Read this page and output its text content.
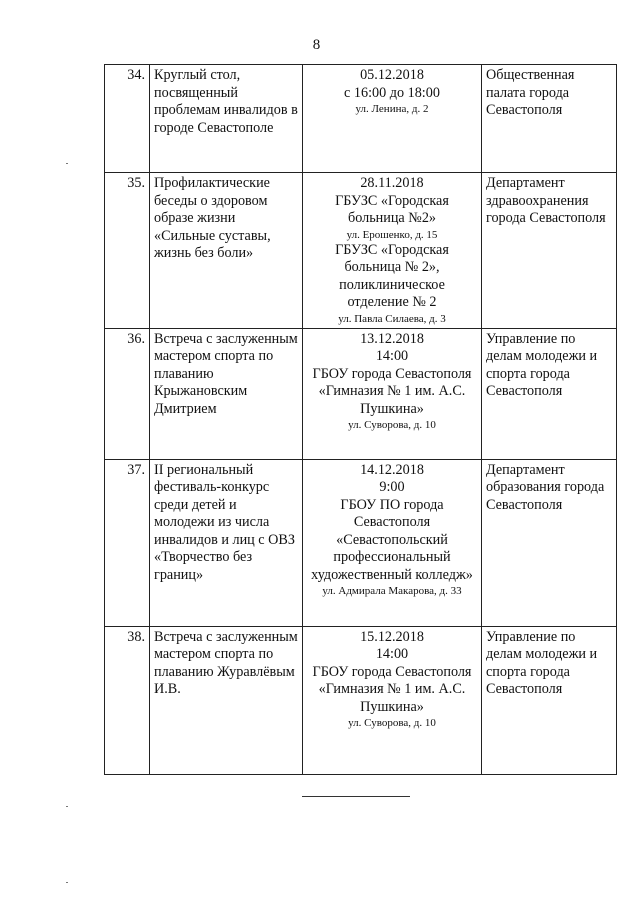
8
34.	Круглый стол, посвященный проблемам инвалидов в городе Севастополе	05.12.2018
с 16:00 до 18:00
ул. Ленина, д. 2	Общественная палата города Севастополя
35.	Профилактические беседы о здоровом образе жизни «Сильные суставы, жизнь без боли»	28.11.2018
ГБУЗС «Городская больница №2»
ул. Ерошенко, д. 15
ГБУЗС «Городская больница № 2», поликлиническое отделение № 2
ул. Павла Силаева, д. 3	Департамент здравоохранения города Севастополя
36.	Встреча с заслуженным мастером спорта по плаванию Крыжановским Дмитрием	13.12.2018
14:00
ГБОУ города Севастополя «Гимназия № 1 им. А.С. Пушкина»
ул. Суворова, д. 10	Управление по делам молодежи и спорта города Севастополя
37.	II региональный фестиваль-конкурс среди детей и молодежи из числа инвалидов и лиц с ОВЗ «Творчество без границ»	14.12.2018
9:00
ГБОУ ПО города Севастополя «Севастопольский профессиональный художественный колледж»
ул. Адмирала Макарова, д. 33	Департамент образования города Севастополя
38.	Встреча с заслуженным мастером спорта по плаванию Журавлёвым И.В.	15.12.2018
14:00
ГБОУ города Севастополя «Гимназия № 1 им. А.С. Пушкина»
ул. Суворова, д. 10	Управление по делам молодежи и спорта города Севастополя
